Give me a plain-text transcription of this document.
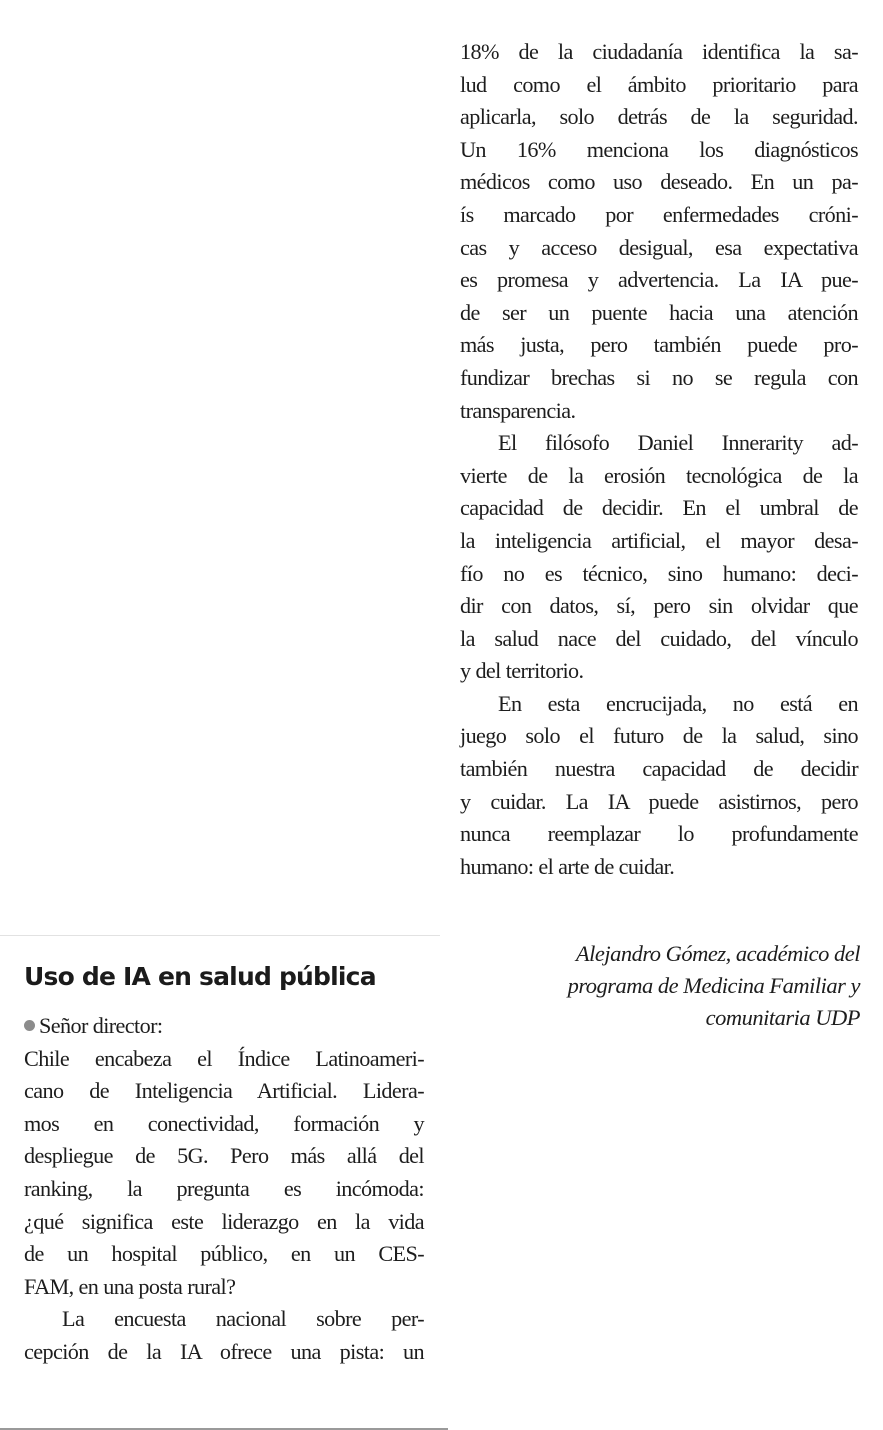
18% de la ciudadanía identifica la sa-
lud como el ámbito prioritario para
aplicarla, solo detrás de la seguridad.
Un 16% menciona los diagnósticos
médicos como uso deseado. En un pa-
ís marcado por enfermedades cróni-
cas y acceso desigual, esa expectativa
es promesa y advertencia. La IA pue-
de ser un puente hacia una atención
más justa, pero también puede pro-
fundizar brechas si no se regula con
transparencia.
El filósofo Daniel Innerarity ad-
vierte de la erosión tecnológica de la
capacidad de decidir. En el umbral de
la inteligencia artificial, el mayor desa-
fío no es técnico, sino humano: deci-
dir con datos, sí, pero sin olvidar que
la salud nace del cuidado, del vínculo
y del territorio.
En esta encrucijada, no está en
juego solo el futuro de la salud, sino
también nuestra capacidad de decidir
y cuidar. La IA puede asistirnos, pero
nunca reemplazar lo profundamente
humano: el arte de cuidar.
Alejandro Gómez, académico del
programa de Medicina Familiar y
comunitaria UDP
Uso de IA en salud pública
Señor director:
Chile encabeza el Índice Latinoameri-
cano de Inteligencia Artificial. Lidera-
mos en conectividad, formación y
despliegue de 5G. Pero más allá del
ranking, la pregunta es incómoda:
¿qué significa este liderazgo en la vida
de un hospital público, en un CES-
FAM, en una posta rural?
La encuesta nacional sobre per-
cepción de la IA ofrece una pista: un
